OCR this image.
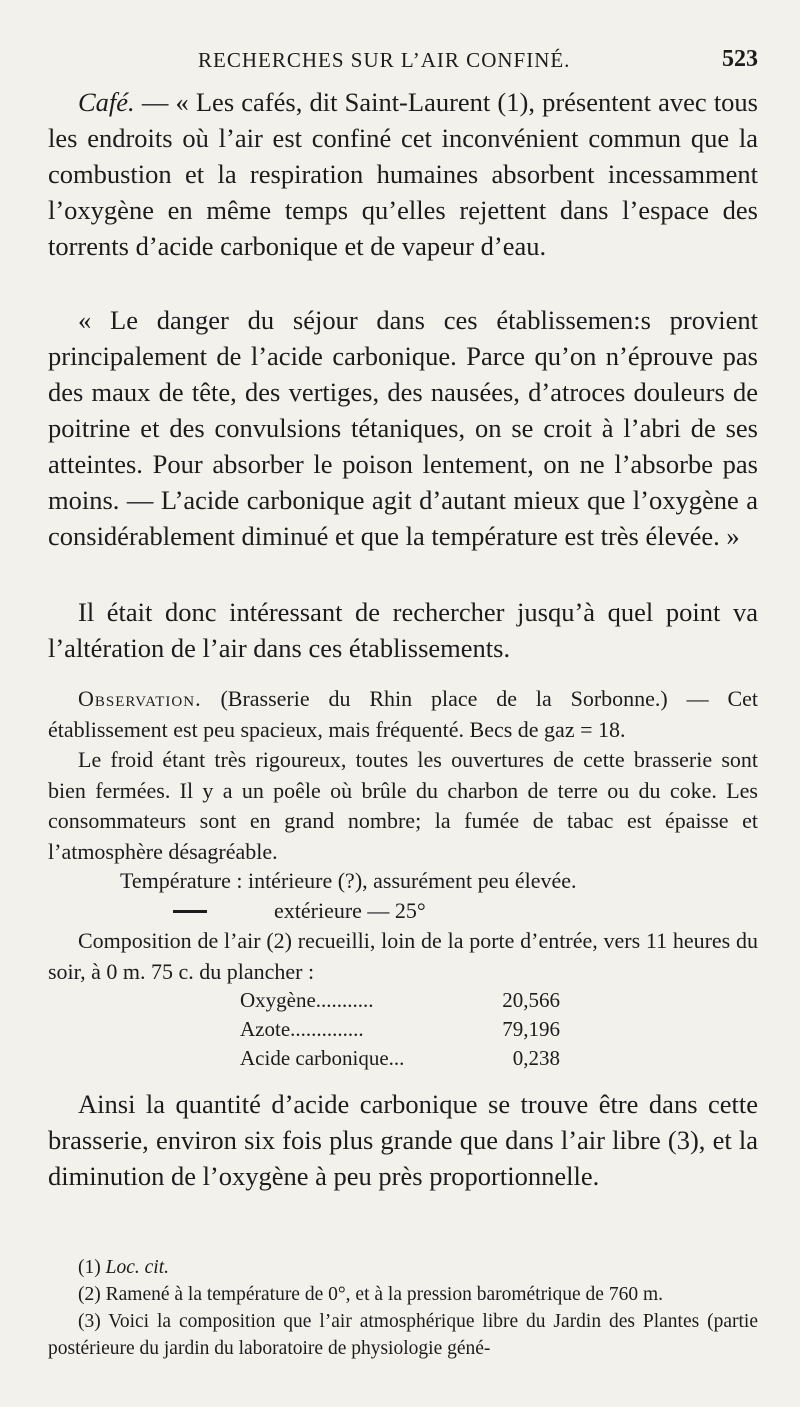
RECHERCHES SUR L’AIR CONFINÉ.	523

Café. — « Les cafés, dit Saint-Laurent (1), présentent avec tous les endroits où l’air est confiné cet inconvénient commun que la combustion et la respiration humaines absorbent incessamment l’oxygène en même temps qu’elles rejettent dans l’espace des torrents d’acide carbonique et de vapeur d’eau.

« Le danger du séjour dans ces établissemen:s provient principalement de l’acide carbonique. Parce qu’on n’éprouve pas des maux de tête, des vertiges, des nausées, d’atroces douleurs de poitrine et des convulsions tétaniques, on se croit à l’abri de ses atteintes. Pour absorber le poison lentement, on ne l’absorbe pas moins. — L’acide carbonique agit d’autant mieux que l’oxygène a considérablement diminué et que la température est très élevée. »

Il était donc intéressant de rechercher jusqu’à quel point va l’altération de l’air dans ces établissements.

Observation. (Brasserie du Rhin place de la Sorbonne.) — Cet établissement est peu spacieux, mais fréquenté. Becs de gaz = 18.

Le froid étant très rigoureux, toutes les ouvertures de cette brasserie sont bien fermées. Il y a un poêle où brûle du charbon de terre ou du coke. Les consommateurs sont en grand nombre; la fumée de tabac est épaisse et l’atmosphère désagréable.

Température : intérieure (?), assurément peu élevée.
extérieure — 25°

Composition de l’air (2) recueilli, loin de la porte d’entrée, vers 11 heures du soir, à 0 m. 75 c. du plancher :

Oxygène...........	20,566
Azote..............	79,196
Acide carbonique...	0,238

Ainsi la quantité d’acide carbonique se trouve être dans cette brasserie, environ six fois plus grande que dans l’air libre (3), et la diminution de l’oxygène à peu près proportionnelle.

(1) Loc. cit.

(2) Ramené à la température de 0°, et à la pression barométrique de 760 m.

(3) Voici la composition que l’air atmosphérique libre du Jardin des Plantes (partie postérieure du jardin du laboratoire de physiologie géné-
